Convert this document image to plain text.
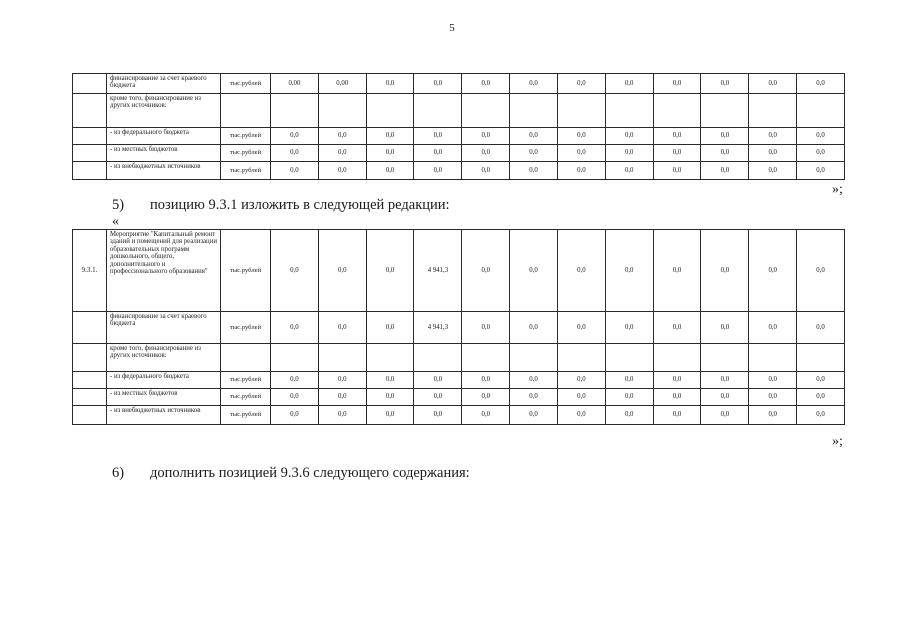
5
	финансирование за счет краевого бюджета	тыс.рублей	0,00	0,00	0,0	0,0	0,0	0,0	0,0	0,0	0,0	0,0	0,0	0,0
	кроме того, финансирование из других источников:													
	- из федерального бюджета	тыс.рублей	0,0	0,0	0,0	0,0	0,0	0,0	0,0	0,0	0,0	0,0	0,0	0,0
	- из местных бюджетов	тыс.рублей	0,0	0,0	0,0	0,0	0,0	0,0	0,0	0,0	0,0	0,0	0,0	0,0
	- из внебюджетных источников	тыс.рублей	0,0	0,0	0,0	0,0	0,0	0,0	0,0	0,0	0,0	0,0	0,0	0,0
»;
5)	позицию 9.3.1 изложить в следующей редакции:
«
9.3.1.	Мероприятие "Капитальный ремонт зданий и помещений для реализации образовательных программ дошкольного, общего, дополнительного и профессионального образования"	тыс.рублей	0,0	0,0	0,0	4 941,3	0,0	0,0	0,0	0,0	0,0	0,0	0,0	0,0
	финансирование за счет краевого бюджета	тыс.рублей	0,0	0,0	0,0	4 941,3	0,0	0,0	0,0	0,0	0,0	0,0	0,0	0,0
	кроме того, финансирование из других источников:													
	- из федерального бюджета	тыс.рублей	0,0	0,0	0,0	0,0	0,0	0,0	0,0	0,0	0,0	0,0	0,0	0,0
	- из местных бюджетов	тыс.рублей	0,0	0,0	0,0	0,0	0,0	0,0	0,0	0,0	0,0	0,0	0,0	0,0
	- из внебюджетных источников	тыс.рублей	0,0	0,0	0,0	0,0	0,0	0,0	0,0	0,0	0,0	0,0	0,0	0,0
»;
6)	дополнить позицией 9.3.6 следующего содержания:
